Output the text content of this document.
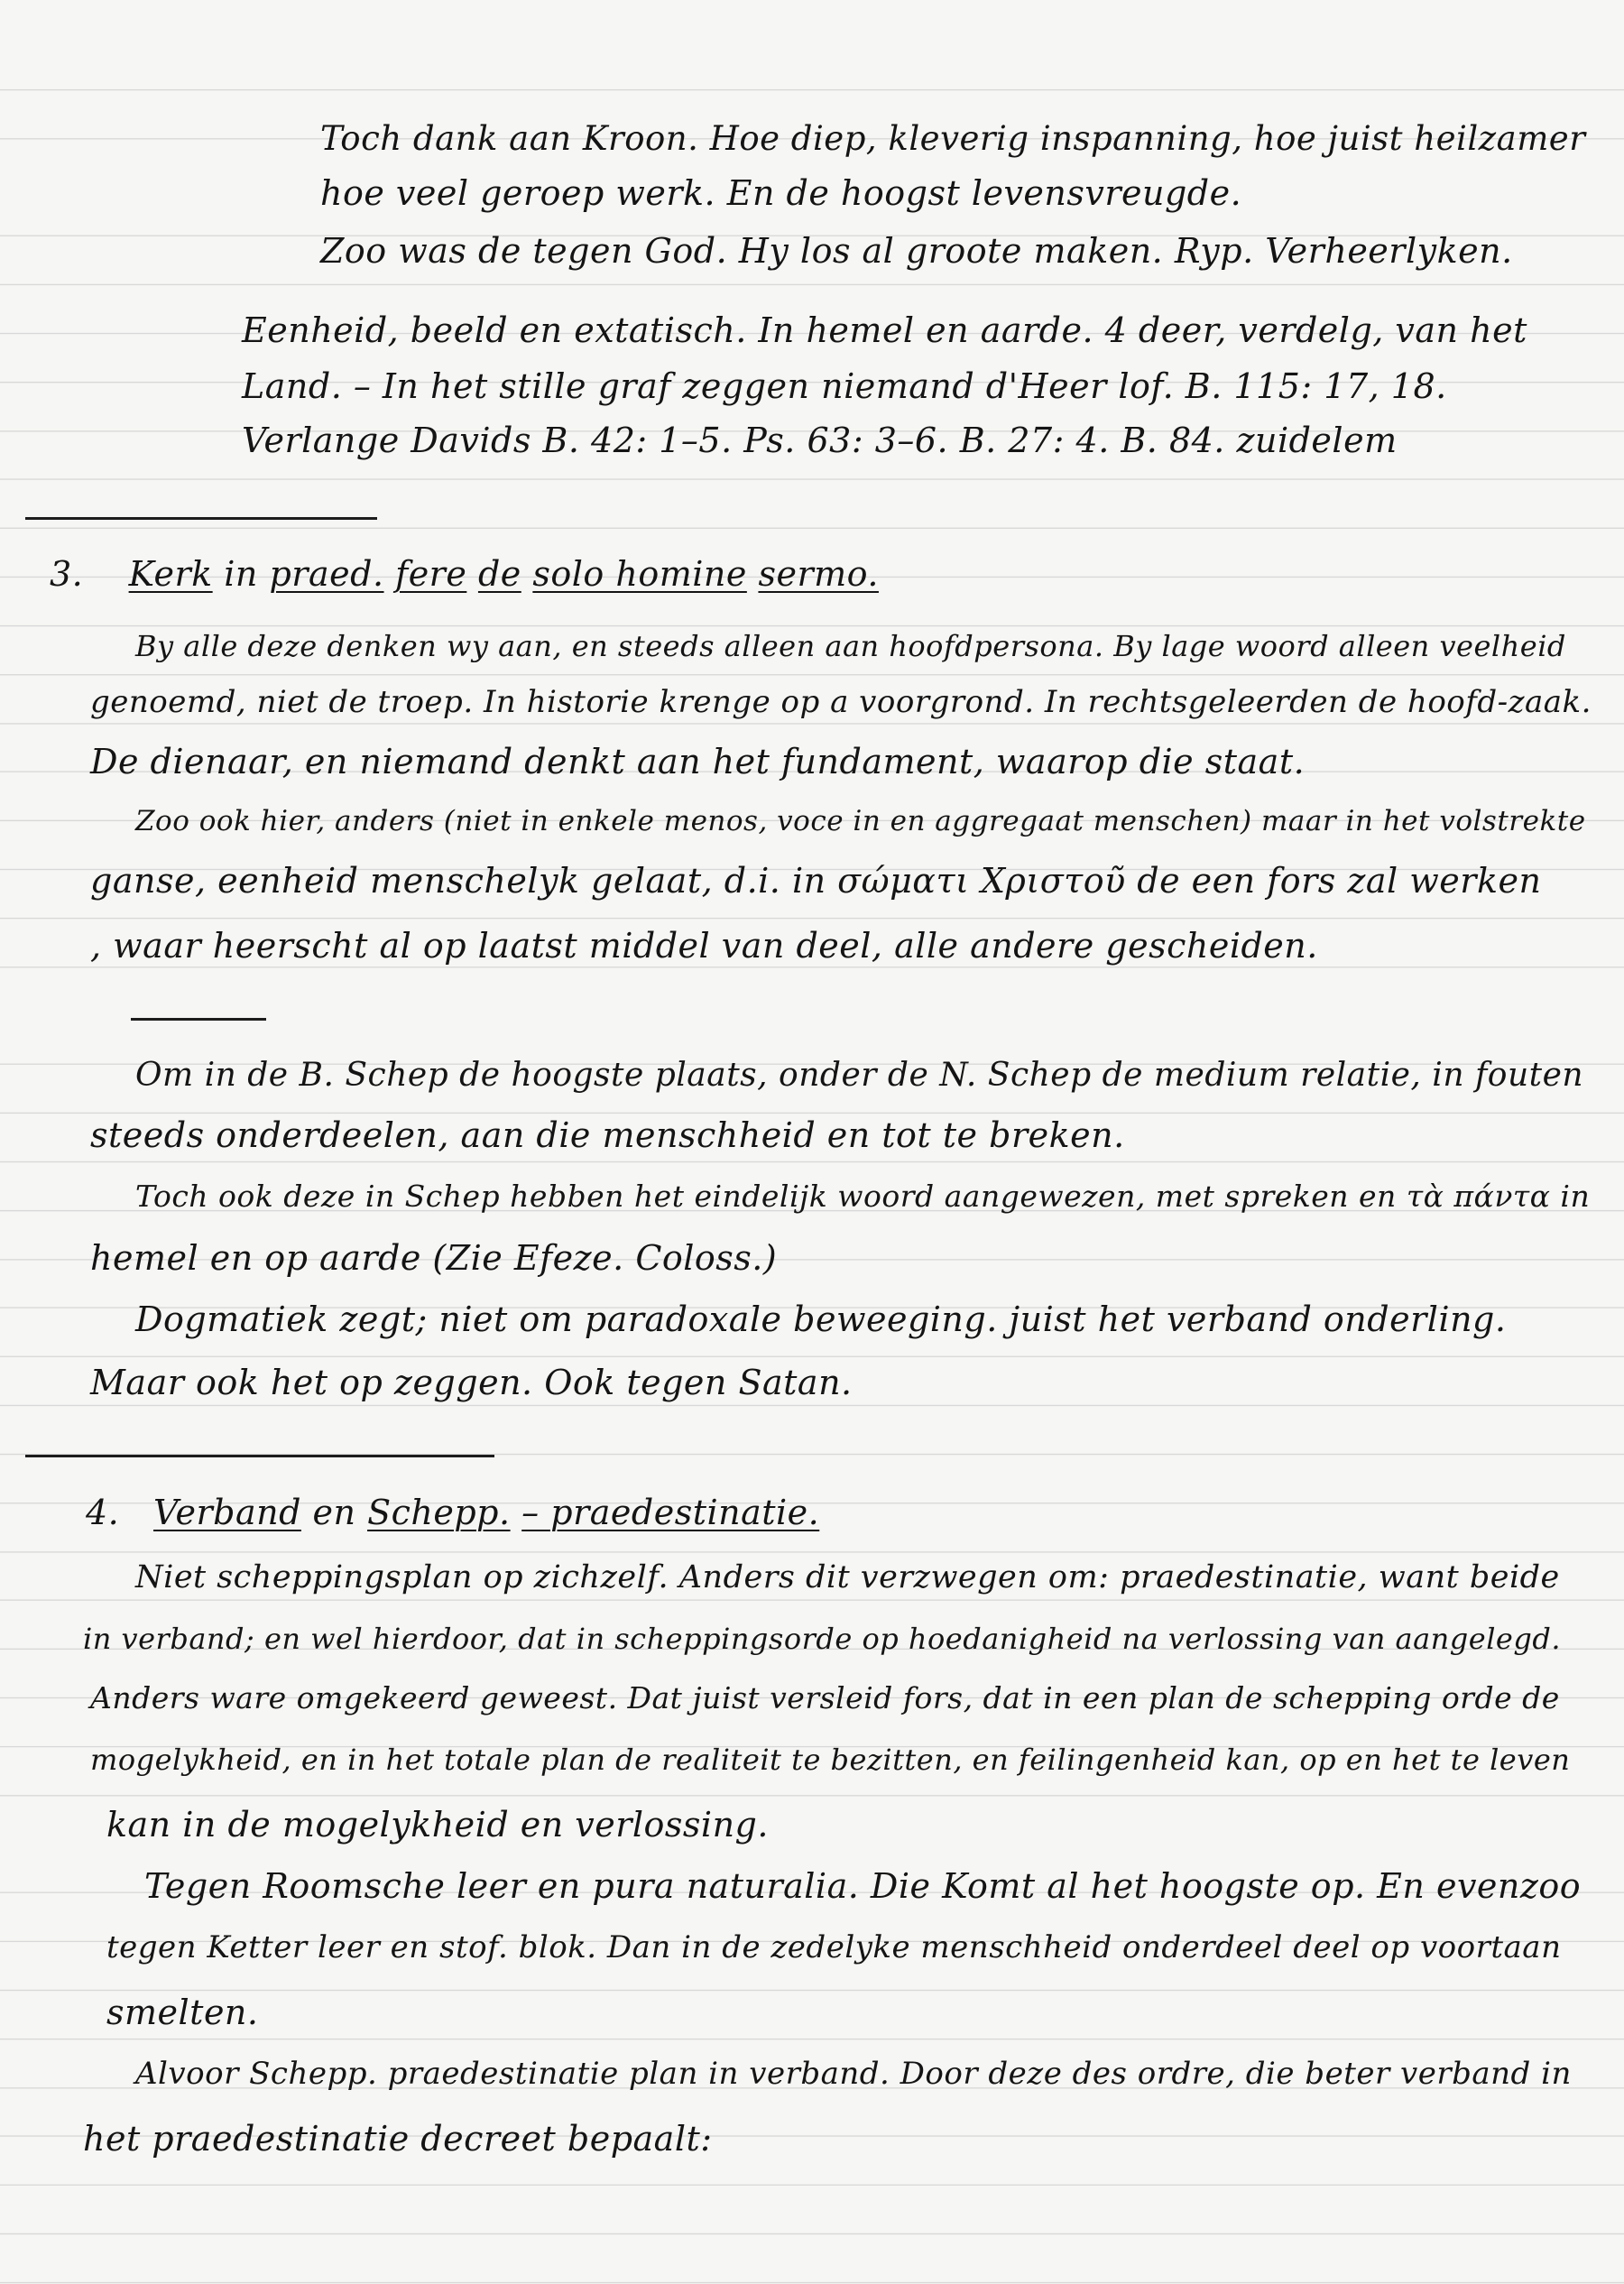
Toch dank aan Kroon. Hoe diep, kleverig inspanning, hoe juist heilzamer
hoe veel geroep werk. En de hoogst levensvreugde.
Zoo was de tegen God. Hy los al groote maken. Ryp. Verheerlyken.
Eenheid, beeld en extatisch. In hemel en aarde. 4 deer, verdelg, van het
Land. – In het stille graf zeggen niemand d'Heer lof. B. 115: 17, 18.
Verlange Davids B. 42: 1–5. Ps. 63: 3–6. B. 27: 4. B. 84. zuidelem
3. Kerk in praed. fere de solo homine sermo.
By alle deze denken wy aan, en steeds alleen aan hoofdpersona. By lage woord alleen veelheid
genoemd, niet de troep. In historie krenge op a voorgrond. In rechtsgeleerden de hoofd-zaak.
De dienaar, en niemand denkt aan het fundament, waarop die staat.
Zoo ook hier, anders (niet in enkele menos, voce in en aggregaat menschen) maar in het volstrekte
ganse, eenheid menschelyk gelaat, d.i. in σώματι Χριστοῦ de een fors zal werken
, waar heerscht al op laatst middel van deel, alle andere gescheiden.
Om in de B. Schep de hoogste plaats, onder de N. Schep de medium relatie, in fouten
steeds onderdeelen, aan die menschheid en tot te breken.
Toch ook deze in Schep hebben het eindelijk woord aangewezen, met spreken en τὰ πάντα in
hemel en op aarde (Zie Efeze. Coloss.)
Dogmatiek zegt; niet om paradoxale beweeging. juist het verband onderling.
Maar ook het op zeggen. Ook tegen Satan.
4. Verband en Schepp. – praedestinatie.
Niet scheppingsplan op zichzelf. Anders dit verzwegen om: praedestinatie, want beide
in verband; en wel hierdoor, dat in scheppingsorde op hoedanigheid na verlossing van aangelegd.
Anders ware omgekeerd geweest. Dat juist versleid fors, dat in een plan de schepping orde de
mogelykheid, en in het totale plan de realiteit te bezitten, en feilingenheid kan, op en het te leven
kan in de mogelykheid en verlossing.
Tegen Roomsche leer en pura naturalia. Die Komt al het hoogste op. En evenzoo
tegen Ketter leer en stof. blok. Dan in de zedelyke menschheid onderdeel deel op voortaan
smelten.
Alvoor Schepp. praedestinatie plan in verband. Door deze des ordre, die beter verband in
het praedestinatie decreet bepaalt:
